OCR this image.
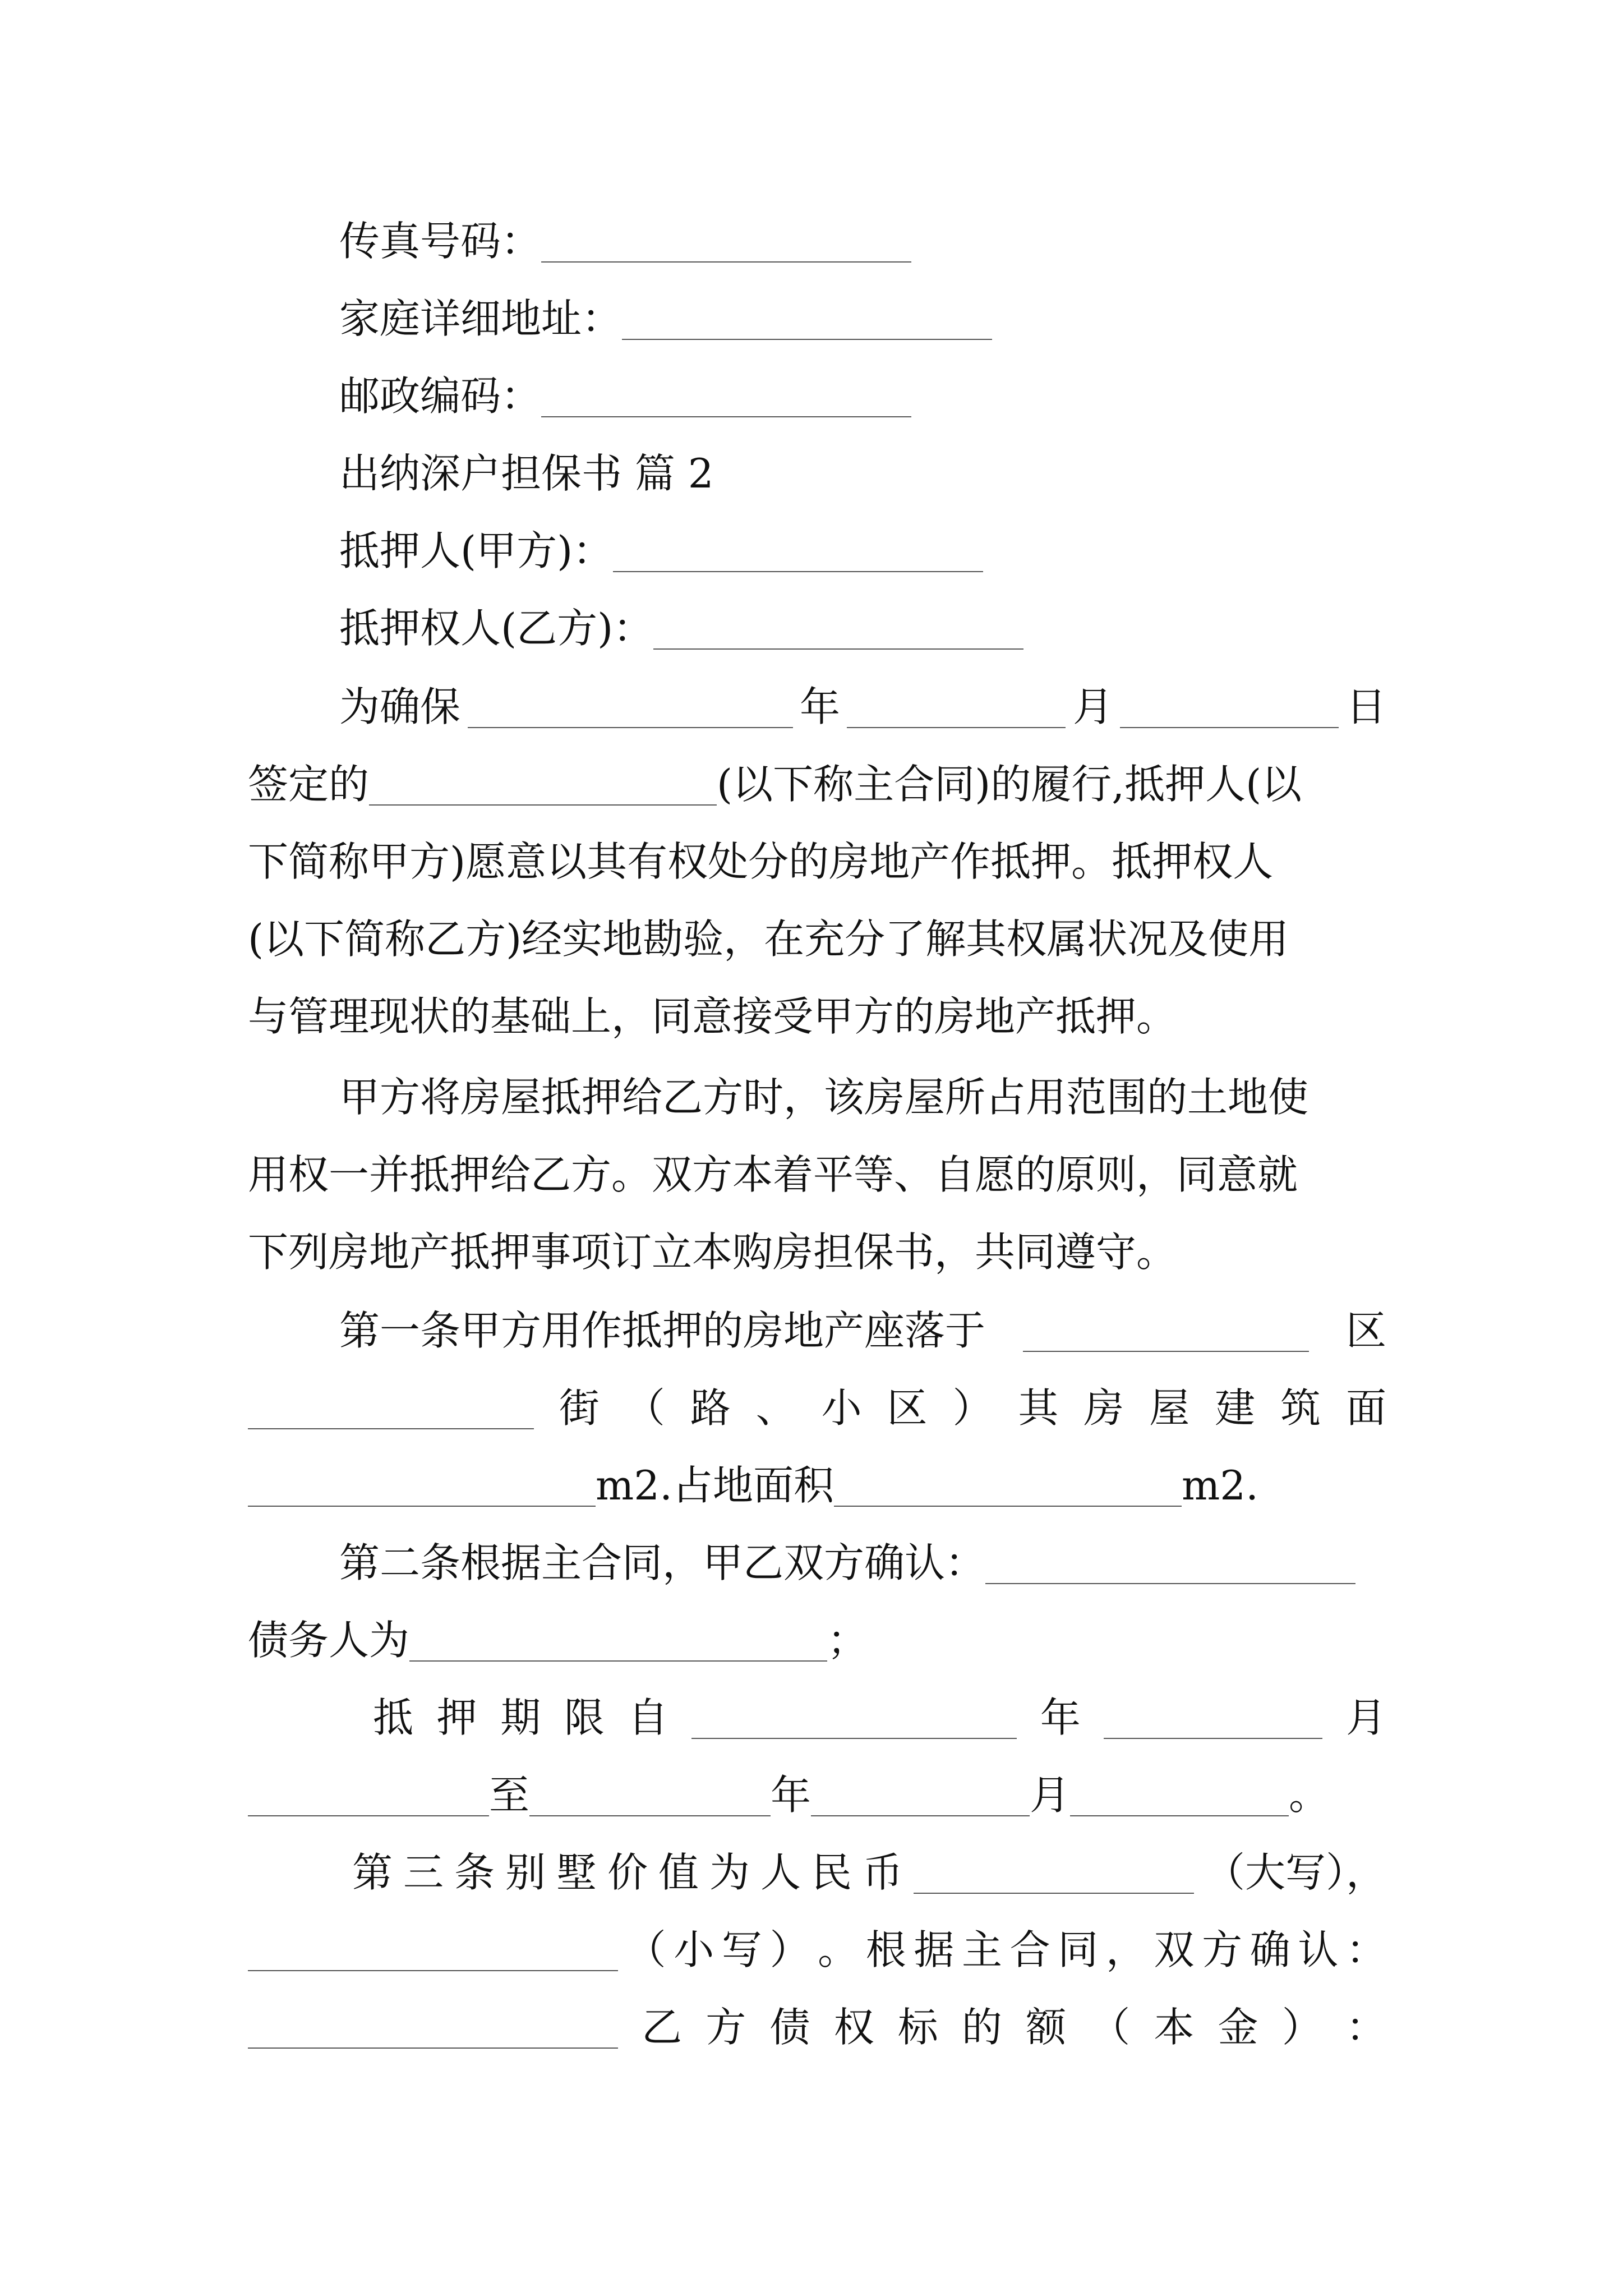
传真号码：
家庭详细地址：
邮政编码：
出纳深户担保书 篇 2
抵押人(甲方)：
抵押权人(乙方)：
为确保	年	月	日
签定的	(以下称主合同)的履行,抵押人(以
下简称甲方)愿意以其有权处分的房地产作抵押。抵押权人
(以下简称乙方)经实地勘验，在充分了解其权属状况及使用
与管理现状的基础上，同意接受甲方的房地产抵押。
甲方将房屋抵押给乙方时，该房屋所占用范围的土地使
用权一并抵押给乙方。双方本着平等、自愿的原则，同意就
下列房地产抵押事项订立本购房担保书，共同遵守。
第一条甲方用作抵押的房地产座落于	区
街 （ 路 、 小 区 ） 其 房 屋 建 筑 面
m2.占地面积	m2.
第二条根据主合同，甲乙双方确认：
债务人为	；
抵 押 期 限 自	年	月
至	年	月	。
第 三 条 别 墅 价 值 为 人 民 币	（大写），
（ 小 写 ） 。 根 据 主 合 同 ， 双 方 确 认 ：
乙 方 债 权 标 的 额 （ 本 金 ） ：
